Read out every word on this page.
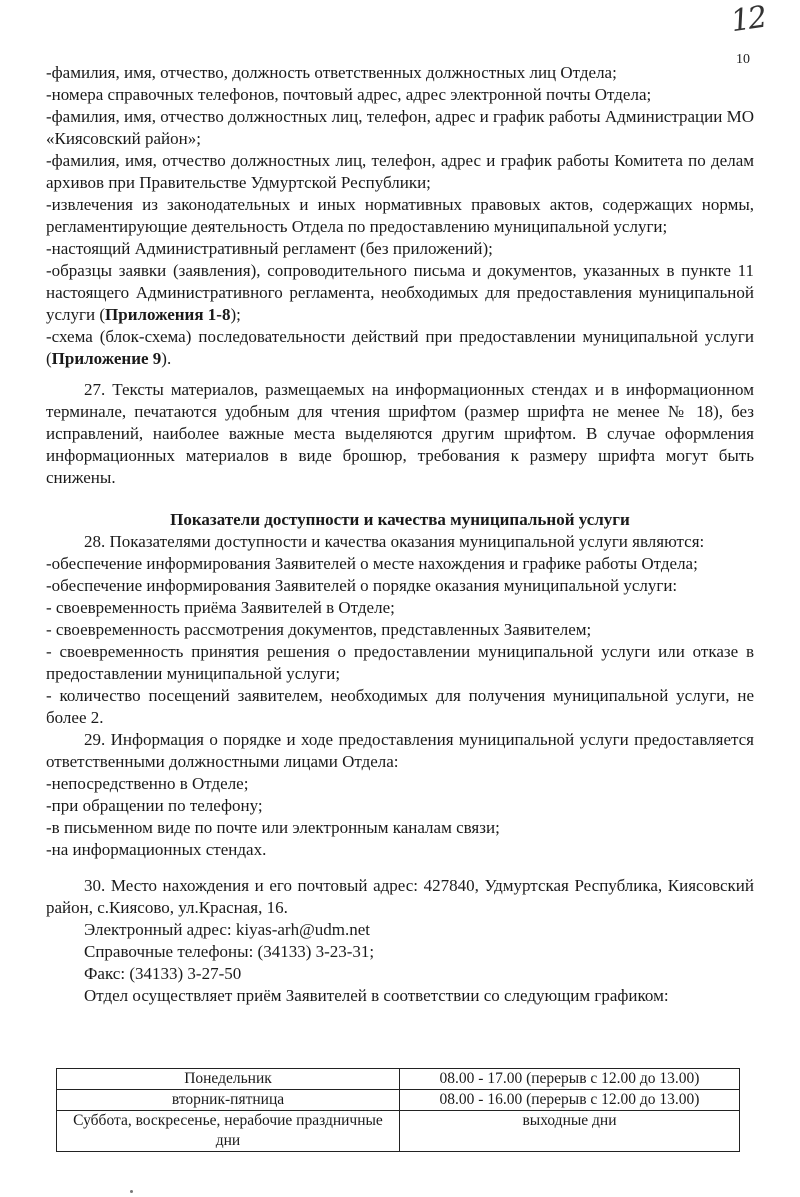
12
10

-фамилия, имя, отчество, должность ответственных должностных лиц Отдела;

-номера справочных телефонов, почтовый адрес, адрес электронной почты Отдела;

-фамилия, имя, отчество должностных лиц, телефон, адрес и график работы Администрации МО «Киясовский район»;

-фамилия, имя, отчество должностных лиц, телефон, адрес и график работы Комитета по делам архивов при Правительстве Удмуртской Республики;

-извлечения из законодательных и иных нормативных правовых актов, содержащих нормы, регламентирующие деятельность Отдела по предоставлению муниципальной услуги;

-настоящий Административный регламент (без приложений);

-образцы заявки (заявления), сопроводительного письма и документов, указанных в пункте 11 настоящего Административного регламента, необходимых для предоставления муниципальной услуги (Приложения 1-8);

-схема (блок-схема) последовательности действий при предоставлении муниципальной услуги (Приложение 9).

27. Тексты материалов, размещаемых на информационных стендах и в информационном терминале, печатаются удобным для чтения шрифтом (размер шрифта не менее № 18), без исправлений, наиболее важные места выделяются другим шрифтом. В случае оформления информационных материалов в виде брошюр, требования к размеру шрифта могут быть снижены.

Показатели доступности и качества муниципальной услуги

28. Показателями доступности и качества оказания муниципальной услуги являются:

-обеспечение информирования Заявителей о месте нахождения и графике работы Отдела;

-обеспечение информирования Заявителей о порядке оказания муниципальной услуги:

- своевременность приёма Заявителей в Отделе;

- своевременность рассмотрения документов, представленных Заявителем;

- своевременность принятия решения о предоставлении муниципальной услуги или отказе в предоставлении муниципальной услуги;

- количество посещений заявителем, необходимых для получения муниципальной услуги, не более 2.

29. Информация о порядке и ходе предоставления муниципальной услуги предоставляется ответственными должностными лицами Отдела:

-непосредственно в Отделе;

-при обращении по телефону;

-в письменном виде по почте или электронным каналам связи;

-на информационных стендах.

30. Место нахождения и его почтовый адрес: 427840, Удмуртская Республика, Киясовский район, с.Киясово, ул.Красная, 16.

Электронный адрес: kiyas-arh@udm.net

Справочные телефоны: (34133) 3-23-31;

Факс: (34133) 3-27-50

Отдел осуществляет приём Заявителей в соответствии со следующим графиком:

Понедельник	08.00 - 17.00 (перерыв с 12.00 до 13.00)
вторник-пятница	08.00 - 16.00 (перерыв с 12.00 до 13.00)
Суббота, воскресенье, нерабочие праздничные дни	выходные дни
